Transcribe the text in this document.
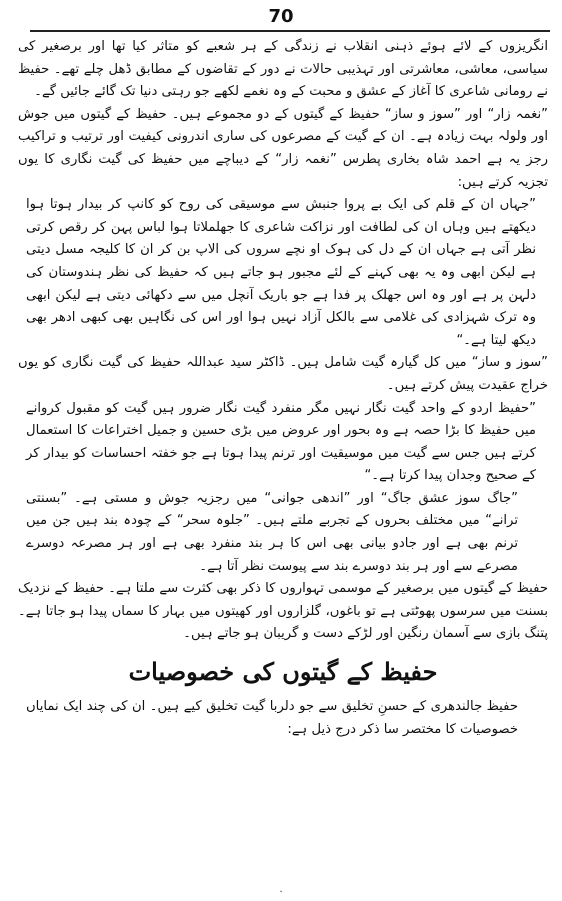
70

انگریزوں کے لائے ہوئے ذہنی انقلاب نے زندگی کے ہر شعبے کو متاثر کیا تھا اور برصغیر کی سیاسی، معاشی، معاشرتی اور تہذیبی حالات نے دور کے تقاضوں کے مطابق ڈھل چلے تھے۔ حفیظ نے رومانی شاعری کا آغاز کے عشق و محبت کے وہ نغمے لکھے جو رہتی دنیا تک گائے جائیں گے۔

”نغمہ زار“ اور ”سوز و ساز“ حفیظ کے گیتوں کے دو مجموعے ہیں۔ حفیظ کے گیتوں میں جوش اور ولولہ بہت زیادہ ہے۔ ان کے گیت کے مصرعوں کی ساری اندرونی کیفیت اور ترتیب و تراکیب رجز یہ ہے احمد شاہ بخاری پطرس ”نغمہ زار“ کے دیباچے میں حفیظ کی گیت نگاری کا یوں تجزیہ کرتے ہیں:

”جہاں ان کے قلم کی ایک بے پروا جنبش سے موسیقی کی روح کو کانپ کر بیدار ہوتا ہوا دیکھتے ہیں وہاں ان کی لطافت اور نزاکت شاعری کا جھلملاتا ہوا لباس پہن کر رقص کرتی نظر آتی ہے جہاں ان کے دل کی ہوک او نچے سروں کی الاپ بن کر ان کا کلیجہ مسل دیتی ہے لیکن ابھی وہ یہ بھی کہنے کے لئے مجبور ہو جاتے ہیں کہ حفیظ کی نظر ہندوستان کی دلہن پر ہے اور وہ اس جھلک پر فدا ہے جو باریک آنچل میں سے دکھائی دیتی ہے لیکن ابھی وہ ترک شہزادی کی غلامی سے بالکل آزاد نہیں ہوا اور اس کی نگاہیں بھی کبھی ادھر بھی دیکھ لیتا ہے۔“

”سوز و ساز“ میں کل گیارہ گیت شامل ہیں۔ ڈاکٹر سید عبداللہ حفیظ کی گیت نگاری کو یوں خراج عقیدت پیش کرتے ہیں۔

”حفیظ اردو کے واحد گیت نگار نہیں مگر منفرد گیت نگار ضرور ہیں گیت کو مقبول کروانے میں حفیظ کا بڑا حصہ ہے وہ بحور اور عروض میں بڑی حسین و جمیل اختراعات کا استعمال کرتے ہیں جس سے گیت میں موسیقیت اور ترنم پیدا ہوتا ہے جو خفتہ احساسات کو بیدار کر کے صحیح وجدان پیدا کرتا ہے۔“

”جاگ سوز عشق جاگ“ اور ”اندھی جوانی“ میں رجزیہ جوش و مستی ہے۔ ”بسنتی ترانے“ میں مختلف بحروں کے تجربے ملتے ہیں۔ ”جلوہ سحر“ کے چودہ بند ہیں جن میں ترنم بھی ہے اور جادو بیانی بھی اس کا ہر بند منفرد بھی ہے اور ہر مصرعہ دوسرے مصرعے سے اور ہر بند دوسرے بند سے پیوست نظر آتا ہے۔

حفیظ کے گیتوں میں برصغیر کے موسمی تہواروں کا ذکر بھی کثرت سے ملتا ہے۔ حفیظ کے نزدیک بسنت میں سرسوں پھوٹتی ہے تو باغوں، گلزاروں اور کھیتوں میں بہار کا سماں پیدا ہو جاتا ہے۔ پتنگ بازی سے آسمان رنگین اور لڑکے دست و گریبان ہو جاتے ہیں۔

حفیظ کے گیتوں کی خصوصیات

حفیظ جالندھری کے حسنِ تخلیق سے جو دلربا گیت تخلیق کیے ہیں۔ ان کی چند ایک نمایاں خصوصیات کا مختصر سا ذکر درج ذیل ہے:

۰
